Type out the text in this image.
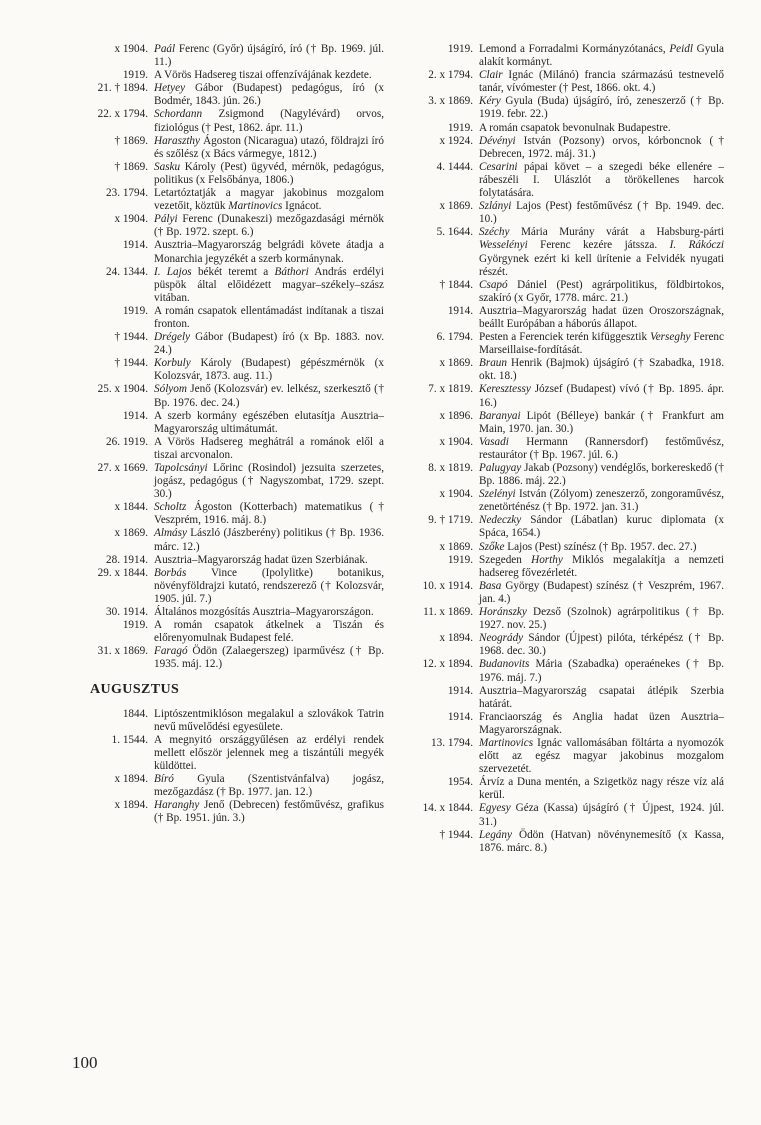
x 1904. Paál Ferenc (Győr) újságíró, író († Bp. 1969. júl. 11.)
1919. A Vörös Hadsereg tiszai offenzívájának kezdete.
21. † 1894. Hetyey Gábor (Budapest) pedagógus, író (x Bodmér, 1843. jún. 26.)
22. x 1794. Schordann Zsigmond (Nagylévárd) orvos, fiziológus († Pest, 1862. ápr. 11.)
† 1869. Haraszthy Ágoston (Nicaragua) utazó, földrajzi író és szőlész (x Bács vármegye, 1812.)
† 1869. Sasku Károly (Pest) ügyvéd, mérnök, pedagógus, politikus (x Felsőbánya, 1806.)
23. 1794. Letartóztatják a magyar jakobinus mozgalom vezetőit, köztük Martinovics Ignácot.
x 1904. Pályi Ferenc (Dunakeszi) mezőgazdasági mérnök († Bp. 1972. szept. 6.)
1914. Ausztria–Magyarország belgrádi követe átadja a Monarchia jegyzékét a szerb kormánynak.
24. 1344. I. Lajos békét teremt a Báthori András erdélyi püspök által előidézett magyar–székely–szász vitában.
1919. A román csapatok ellentámadást indítanak a tiszai fronton.
† 1944. Drégely Gábor (Budapest) író (x Bp. 1883. nov. 24.)
† 1944. Korbuly Károly (Budapest) gépészmérnök (x Kolozsvár, 1873. aug. 11.)
25. x 1904. Sólyom Jenő (Kolozsvár) ev. lelkész, szerkesztő († Bp. 1976. dec. 24.)
1914. A szerb kormány egészében elutasítja Ausztria–Magyarország ultimátumát.
26. 1919. A Vörös Hadsereg meghátrál a románok elől a tiszai arcvonalon.
27. x 1669. Tapolcsányi Lőrinc (Rosindol) jezsuita szerzetes, jogász, pedagógus († Nagyszombat, 1729. szept. 30.)
x 1844. Scholtz Ágoston (Kotterbach) matematikus († Veszprém, 1916. máj. 8.)
x 1869. Almásy László (Jászberény) politikus († Bp. 1936. márc. 12.)
28. 1914. Ausztria–Magyarország hadat üzen Szerbiának.
29. x 1844. Borbás Vince (Ipolylitke) botanikus, növényföldrajzi kutató, rendszerező († Kolozsvár, 1905. júl. 7.)
30. 1914. Általános mozgósítás Ausztria–Magyarországon.
1919. A román csapatok átkelnek a Tiszán és előrenyomulnak Budapest felé.
31. x 1869. Faragó Ödön (Zalaegerszeg) iparművész († Bp. 1935. máj. 12.)
AUGUSZTUS
1844. Liptószentmiklóson megalakul a szlovákok Tatrin nevű művelődési egyesülete.
1. 1544. A megnyitó országgyűlésen az erdélyi rendek mellett először jelennek meg a tiszántúli megyék küldöttei.
x 1894. Bíró Gyula (Szentistvánfalva) jogász, mezőgazdász († Bp. 1977. jan. 12.)
x 1894. Haranghy Jenő (Debrecen) festőművész, grafikus († Bp. 1951. jún. 3.)
1919. Lemond a Forradalmi Kormányzótanács, Peidl Gyula alakít kormányt.
2. x 1794. Clair Ignác (Milánó) francia származású testnevelő tanár, vívómester († Pest, 1866. okt. 4.)
3. x 1869. Kéry Gyula (Buda) újságíró, író, zeneszerző († Bp. 1919. febr. 22.)
1919. A román csapatok bevonulnak Budapestre.
x 1924. Dévényi István (Pozsony) orvos, kórboncnok († Debrecen, 1972. máj. 31.)
4. 1444. Cesarini pápai követ – a szegedi béke ellenére – rábeszéli I. Ulászlót a törökellenes harcok folytatására.
x 1869. Szlányi Lajos (Pest) festőművész († Bp. 1949. dec. 10.)
5. 1644. Széchy Mária Murány várát a Habsburg-párti Wesselényi Ferenc kezére játssza. I. Rákóczi Györgynek ezért ki kell ürítenie a Felvidék nyugati részét.
† 1844. Csapó Dániel (Pest) agrárpolitikus, földbirtokos, szakíró (x Győr, 1778. márc. 21.)
1914. Ausztria–Magyarország hadat üzen Oroszországnak, beállt Európában a háborús állapot.
6. 1794. Pesten a Ferenciek terén kifüggesztik Verseghy Ferenc Marseillaise-fordítását.
x 1869. Braun Henrik (Bajmok) újságíró († Szabadka, 1918. okt. 18.)
7. x 1819. Keresztessy József (Budapest) vívó († Bp. 1895. ápr. 16.)
x 1896. Baranyai Lipót (Bélleye) bankár († Frankfurt am Main, 1970. jan. 30.)
x 1904. Vasadi Hermann (Rannersdorf) festőművész, restaurátor († Bp. 1967. júl. 6.)
8. x 1819. Palugyay Jakab (Pozsony) vendéglős, borkereskedő († Bp. 1886. máj. 22.)
x 1904. Szelényi István (Zólyom) zeneszerző, zongoraművész, zenetörténész († Bp. 1972. jan. 31.)
9. † 1719. Nedeczky Sándor (Lábatlan) kuruc diplomata (x Spáca, 1654.)
x 1869. Szőke Lajos (Pest) színész († Bp. 1957. dec. 27.)
1919. Szegeden Horthy Miklós megalakítja a nemzeti hadsereg fővezérletét.
10. x 1914. Basa György (Budapest) színész († Veszprém, 1967. jan. 4.)
11. x 1869. Horánszky Dezső (Szolnok) agrárpolitikus († Bp. 1927. nov. 25.)
x 1894. Neogrády Sándor (Újpest) pilóta, térképész († Bp. 1968. dec. 30.)
12. x 1894. Budanovits Mária (Szabadka) operaénekes († Bp. 1976. máj. 7.)
1914. Ausztria–Magyarország csapatai átlépik Szerbia határát.
1914. Franciaország és Anglia hadat üzen Ausztria–Magyarországnak.
13. 1794. Martinovics Ignác vallomásában föltárta a nyomozók előtt az egész magyar jakobinus mozgalom szervezetét.
1954. Árvíz a Duna mentén, a Szigetköz nagy része víz alá kerül.
14. x 1844. Egyesy Géza (Kassa) újságíró († Újpest, 1924. júl. 31.)
† 1944. Legány Ödön (Hatvan) növénynemesítő (x Kassa, 1876. márc. 8.)
100
